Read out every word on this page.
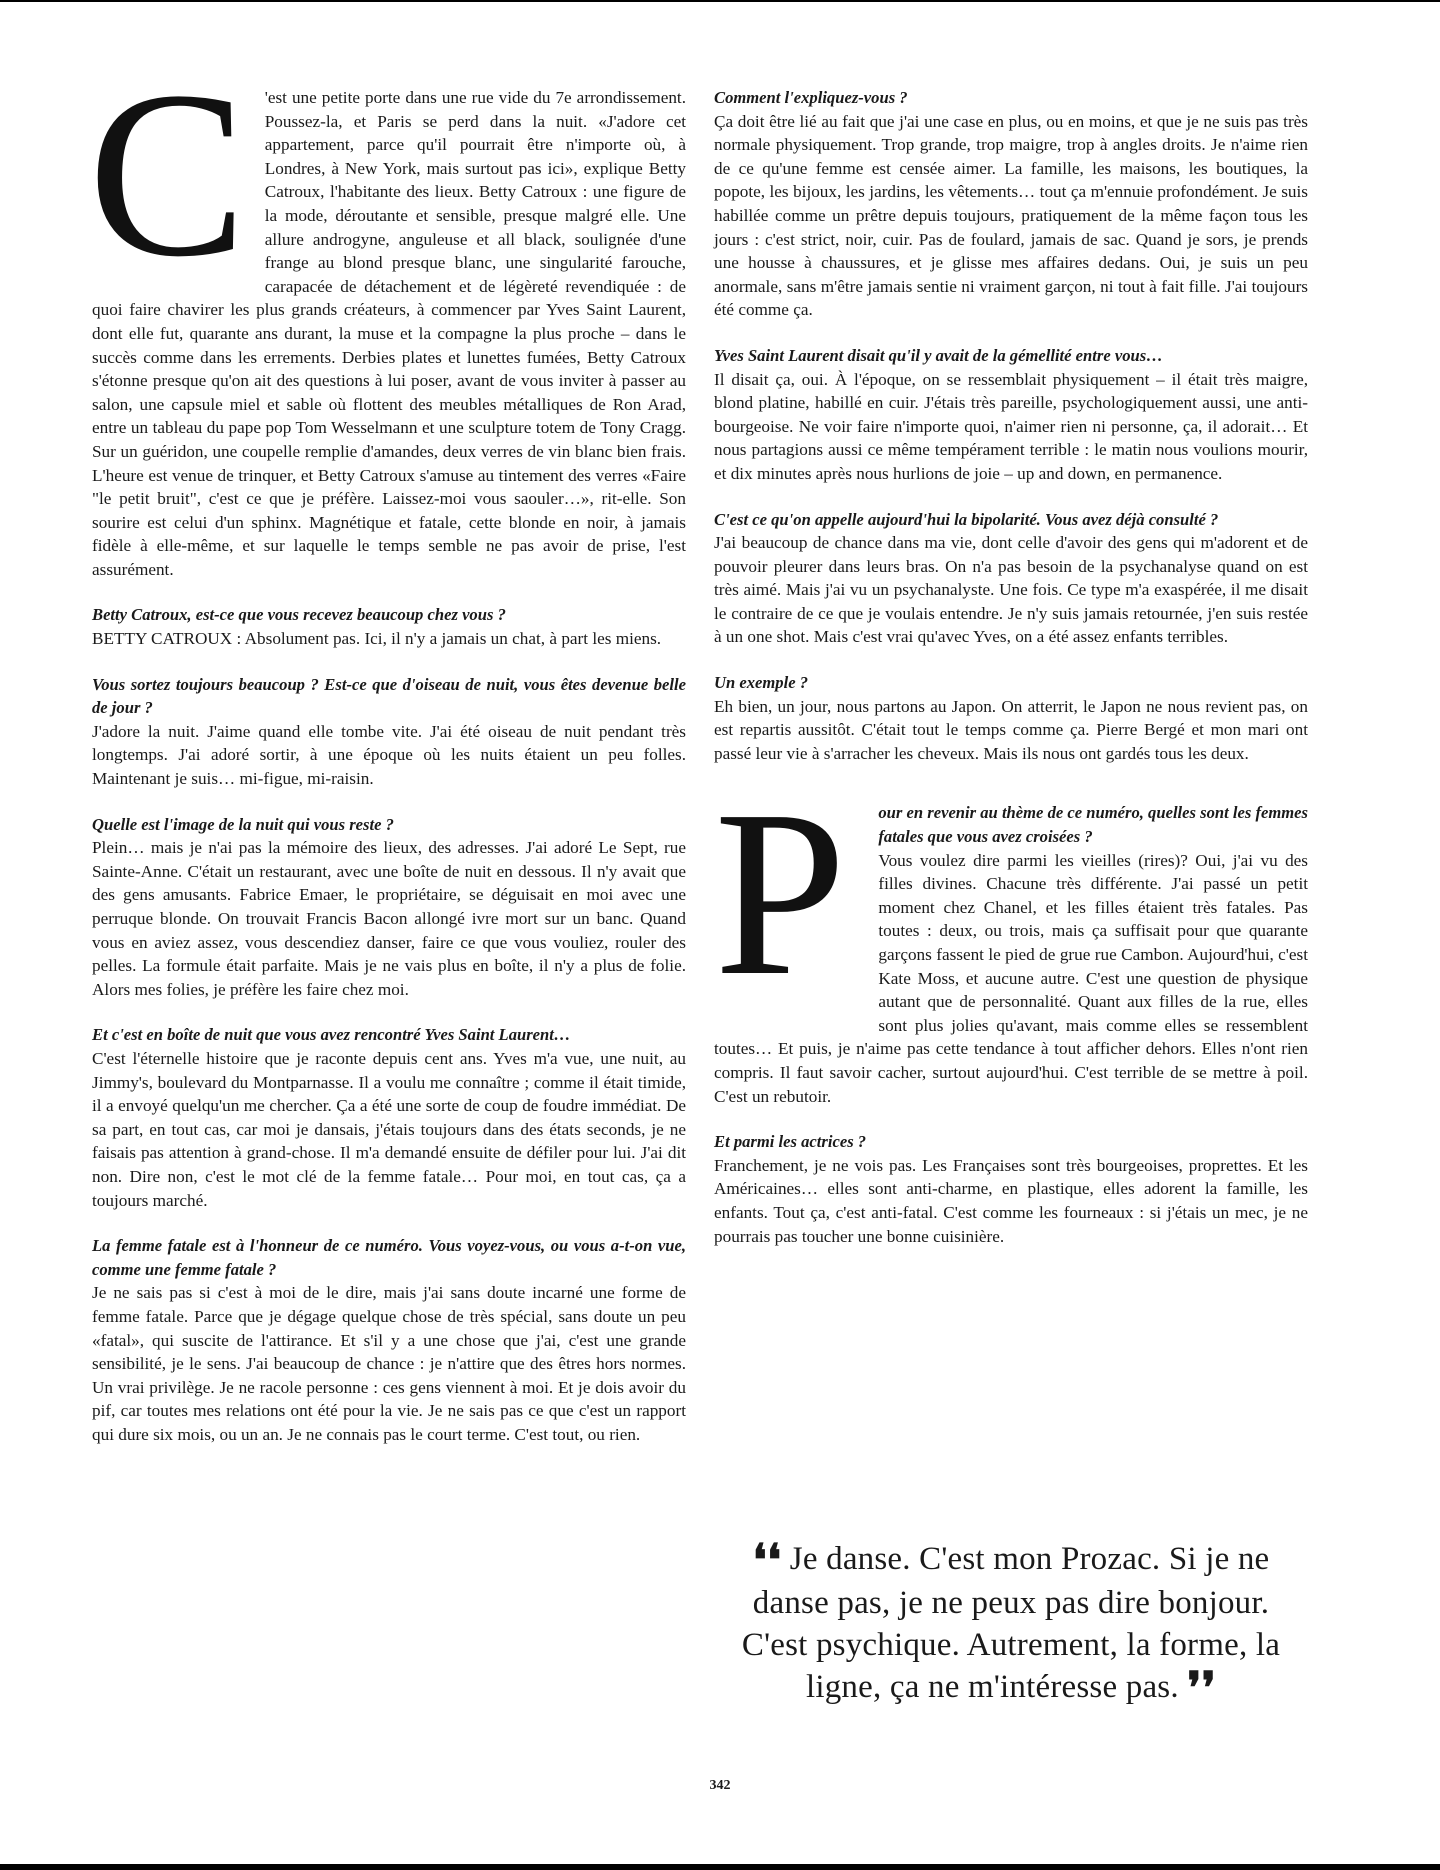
C 'est une petite porte dans une rue vide du 7e arrondissement. Poussez-la, et Paris se perd dans la nuit. «J'adore cet appartement, parce qu'il pourrait être n'importe où, à Londres, à New York, mais surtout pas ici», explique Betty Catroux, l'habitante des lieux. Betty Catroux : une figure de la mode, déroutante et sensible, presque malgré elle. Une allure androgyne, anguleuse et all black, soulignée d'une frange au blond presque blanc, une singularité farouche, carapacée de détachement et de légèreté revendiquée : de quoi faire chavirer les plus grands créateurs, à commencer par Yves Saint Laurent, dont elle fut, quarante ans durant, la muse et la compagne la plus proche – dans le succès comme dans les errements. Derbies plates et lunettes fumées, Betty Catroux s'étonne presque qu'on ait des questions à lui poser, avant de vous inviter à passer au salon, une capsule miel et sable où flottent des meubles métalliques de Ron Arad, entre un tableau du pape pop Tom Wesselmann et une sculpture totem de Tony Cragg. Sur un guéridon, une coupelle remplie d'amandes, deux verres de vin blanc bien frais. L'heure est venue de trinquer, et Betty Catroux s'amuse au tintement des verres «Faire "le petit bruit", c'est ce que je préfère. Laissez-moi vous saouler…», rit-elle. Son sourire est celui d'un sphinx. Magnétique et fatale, cette blonde en noir, à jamais fidèle à elle-même, et sur laquelle le temps semble ne pas avoir de prise, l'est assurément.

Betty Catroux, est-ce que vous recevez beaucoup chez vous ?
BETTY CATROUX : Absolument pas. Ici, il n'y a jamais un chat, à part les miens.

Vous sortez toujours beaucoup ? Est-ce que d'oiseau de nuit, vous êtes devenue belle de jour ?
J'adore la nuit. J'aime quand elle tombe vite. J'ai été oiseau de nuit pendant très longtemps. J'ai adoré sortir, à une époque où les nuits étaient un peu folles. Maintenant je suis… mi-figue, mi-raisin.

Quelle est l'image de la nuit qui vous reste ?
Plein… mais je n'ai pas la mémoire des lieux, des adresses. J'ai adoré Le Sept, rue Sainte-Anne. C'était un restaurant, avec une boîte de nuit en dessous. Il n'y avait que des gens amusants. Fabrice Emaer, le propriétaire, se déguisait en moi avec une perruque blonde. On trouvait Francis Bacon allongé ivre mort sur un banc. Quand vous en aviez assez, vous descendiez danser, faire ce que vous vouliez, rouler des pelles. La formule était parfaite. Mais je ne vais plus en boîte, il n'y a plus de folie. Alors mes folies, je préfère les faire chez moi.

Et c'est en boîte de nuit que vous avez rencontré Yves Saint Laurent…
C'est l'éternelle histoire que je raconte depuis cent ans. Yves m'a vue, une nuit, au Jimmy's, boulevard du Montparnasse. Il a voulu me connaître ; comme il était timide, il a envoyé quelqu'un me chercher. Ça a été une sorte de coup de foudre immédiat. De sa part, en tout cas, car moi je dansais, j'étais toujours dans des états seconds, je ne faisais pas attention à grand-chose. Il m'a demandé ensuite de défiler pour lui. J'ai dit non. Dire non, c'est le mot clé de la femme fatale… Pour moi, en tout cas, ça a toujours marché.

La femme fatale est à l'honneur de ce numéro. Vous voyez-vous, ou vous a-t-on vue, comme une femme fatale ?
Je ne sais pas si c'est à moi de le dire, mais j'ai sans doute incarné une forme de femme fatale. Parce que je dégage quelque chose de très spécial, sans doute un peu «fatal», qui suscite de l'attirance. Et s'il y a une chose que j'ai, c'est une grande sensibilité, je le sens. J'ai beaucoup de chance : je n'attire que des êtres hors normes. Un vrai privilège. Je ne racole personne : ces gens viennent à moi. Et je dois avoir du pif, car toutes mes relations ont été pour la vie. Je ne sais pas ce que c'est un rapport qui dure six mois, ou un an. Je ne connais pas le court terme. C'est tout, ou rien.

Comment l'expliquez-vous ?
Ça doit être lié au fait que j'ai une case en plus, ou en moins, et que je ne suis pas très normale physiquement. Trop grande, trop maigre, trop à angles droits. Je n'aime rien de ce qu'une femme est censée aimer. La famille, les maisons, les boutiques, la popote, les bijoux, les jardins, les vêtements… tout ça m'ennuie profondément. Je suis habillée comme un prêtre depuis toujours, pratiquement de la même façon tous les jours : c'est strict, noir, cuir. Pas de foulard, jamais de sac. Quand je sors, je prends une housse à chaussures, et je glisse mes affaires dedans. Oui, je suis un peu anormale, sans m'être jamais sentie ni vraiment garçon, ni tout à fait fille. J'ai toujours été comme ça.

Yves Saint Laurent disait qu'il y avait de la gémellité entre vous…
Il disait ça, oui. À l'époque, on se ressemblait physiquement – il était très maigre, blond platine, habillé en cuir. J'étais très pareille, psychologiquement aussi, une anti-bourgeoise. Ne voir faire n'importe quoi, n'aimer rien ni personne, ça, il adorait… Et nous partagions aussi ce même tempérament terrible : le matin nous voulions mourir, et dix minutes après nous hurlions de joie – up and down, en permanence.

C'est ce qu'on appelle aujourd'hui la bipolarité. Vous avez déjà consulté ?
J'ai beaucoup de chance dans ma vie, dont celle d'avoir des gens qui m'adorent et de pouvoir pleurer dans leurs bras. On n'a pas besoin de la psychanalyse quand on est très aimé. Mais j'ai vu un psychanalyste. Une fois. Ce type m'a exaspérée, il me disait le contraire de ce que je voulais entendre. Je n'y suis jamais retournée, j'en suis restée à un one shot. Mais c'est vrai qu'avec Yves, on a été assez enfants terribles.

Un exemple ?
Eh bien, un jour, nous partons au Japon. On atterrit, le Japon ne nous revient pas, on est repartis aussitôt. C'était tout le temps comme ça. Pierre Bergé et mon mari ont passé leur vie à s'arracher les cheveux. Mais ils nous ont gardés tous les deux.

P	our en revenir au thème de ce numéro, quelles sont les femmes fatales que vous avez croisées ?
Vous voulez dire parmi les vieilles (rires)? Oui, j'ai vu des filles divines. Chacune très différente. J'ai passé un petit moment chez Chanel, et les filles étaient très fatales. Pas toutes : deux, ou trois, mais ça suffisait pour que quarante garçons fassent le pied de grue rue Cambon. Aujourd'hui, c'est Kate Moss, et aucune autre. C'est une question de physique autant que de personnalité. Quant aux filles de la rue, elles sont plus jolies qu'avant, mais comme elles se ressemblent toutes… Et puis, je n'aime pas cette tendance à tout afficher dehors. Elles n'ont rien compris. Il faut savoir cacher, surtout aujourd'hui. C'est terrible de se mettre à poil. C'est un rebutoir.

Et parmi les actrices ?
Franchement, je ne vois pas. Les Françaises sont très bourgeoises, proprettes. Et les Américaines… elles sont anti-charme, en plastique, elles adorent la famille, les enfants. Tout ça, c'est anti-fatal. C'est comme les fourneaux : si j'étais un mec, je ne pourrais pas toucher une bonne cuisinière.

❛❛ Je danse. C'est mon Prozac. Si je ne danse pas, je ne peux pas dire bonjour. C'est psychique. Autrement, la forme, la ligne, ça ne m'intéresse pas. ❜❜
342
